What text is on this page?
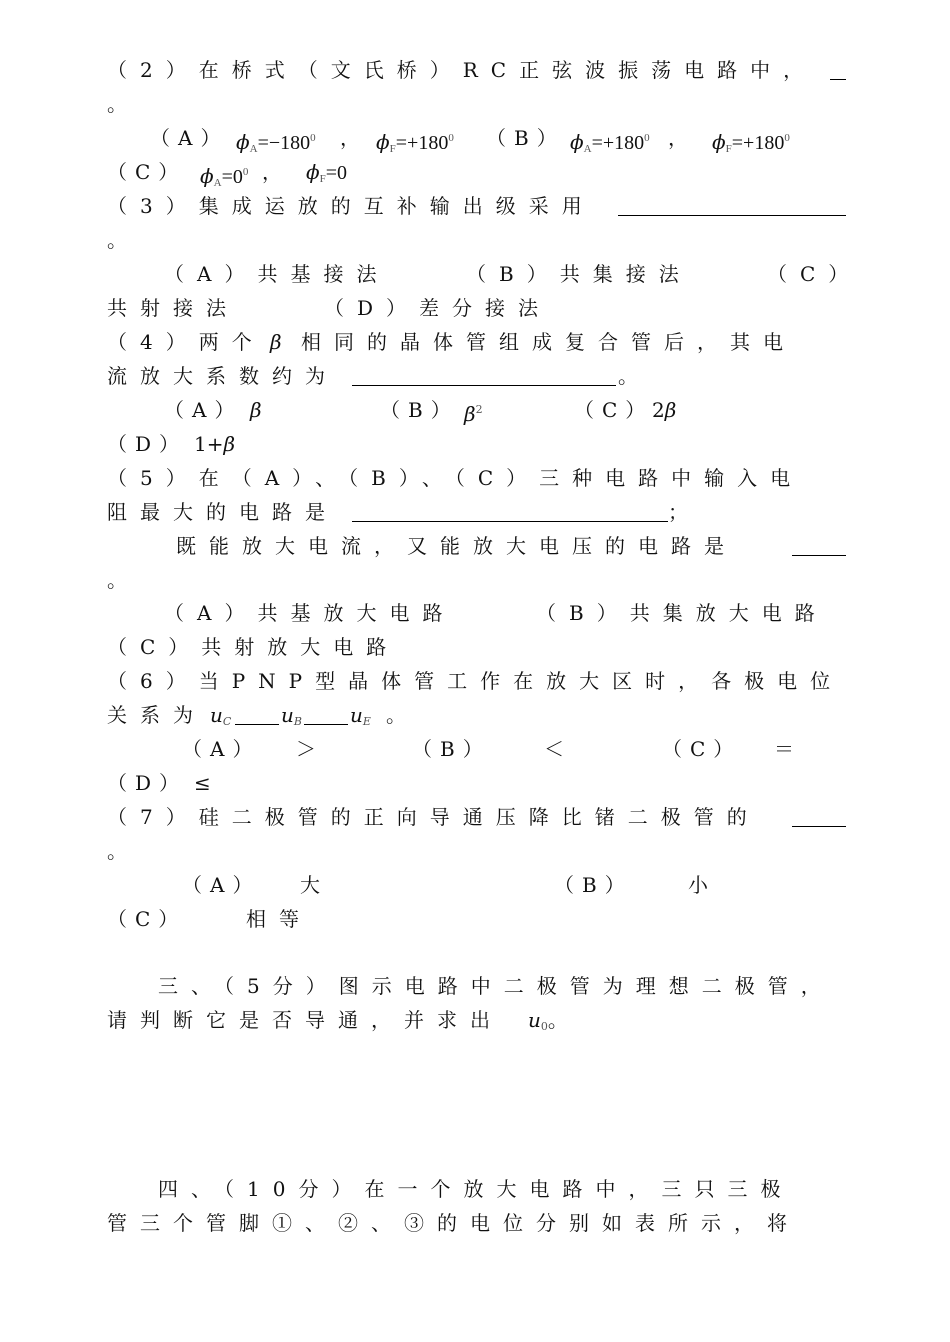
（2）在桥式（文氏桥）RC正弦波振荡电路中，

。

（A）

$\phi_A=-180^0$

，

$\phi_F=+180^0$

（B）

$\phi_A=+180^0$

，

$\phi_F=+180^0$

（C）

$\phi_A=0^0$

，

$\phi_F=0$

（3）集成运放的互补输出级采用

。

（A）共基接法

	（B）共集接法

	（C）

共射接法

	（D）差分接法

（4）两个

β

相同的晶体管组成复合管后，其电

流放大系数约为

	。

（A）

β

	（B）

$\beta^2$

	（C）

2β

（D）

1+β

（5）在（A）、（B）、（C）三种电路中输入电

阻最大的电路是

	；

既能放大电流，又能放大电压的电路是

。

（A）共基放大电路

	（B）共集放大电路

（C）共射放大电路

（6）当PNP型晶体管工作在放大区时，各极电位

关系为

$u_C$

$u_B$

$u_E$

。

（A）

＞

	（B）

	＜

	（C）

＝

（D）

≤

（7）硅二极管的正向导通压降比锗二极管的

。

（A）

大

	（B）

	小

（C）

	相等

三、（5分）图示电路中二极管为理想二极管，

请判断它是否导通，并求出

$u_0$。

四、（10分）在一个放大电路中，三只三极

管三个管脚①、②、③的电位分别如表所示，将
